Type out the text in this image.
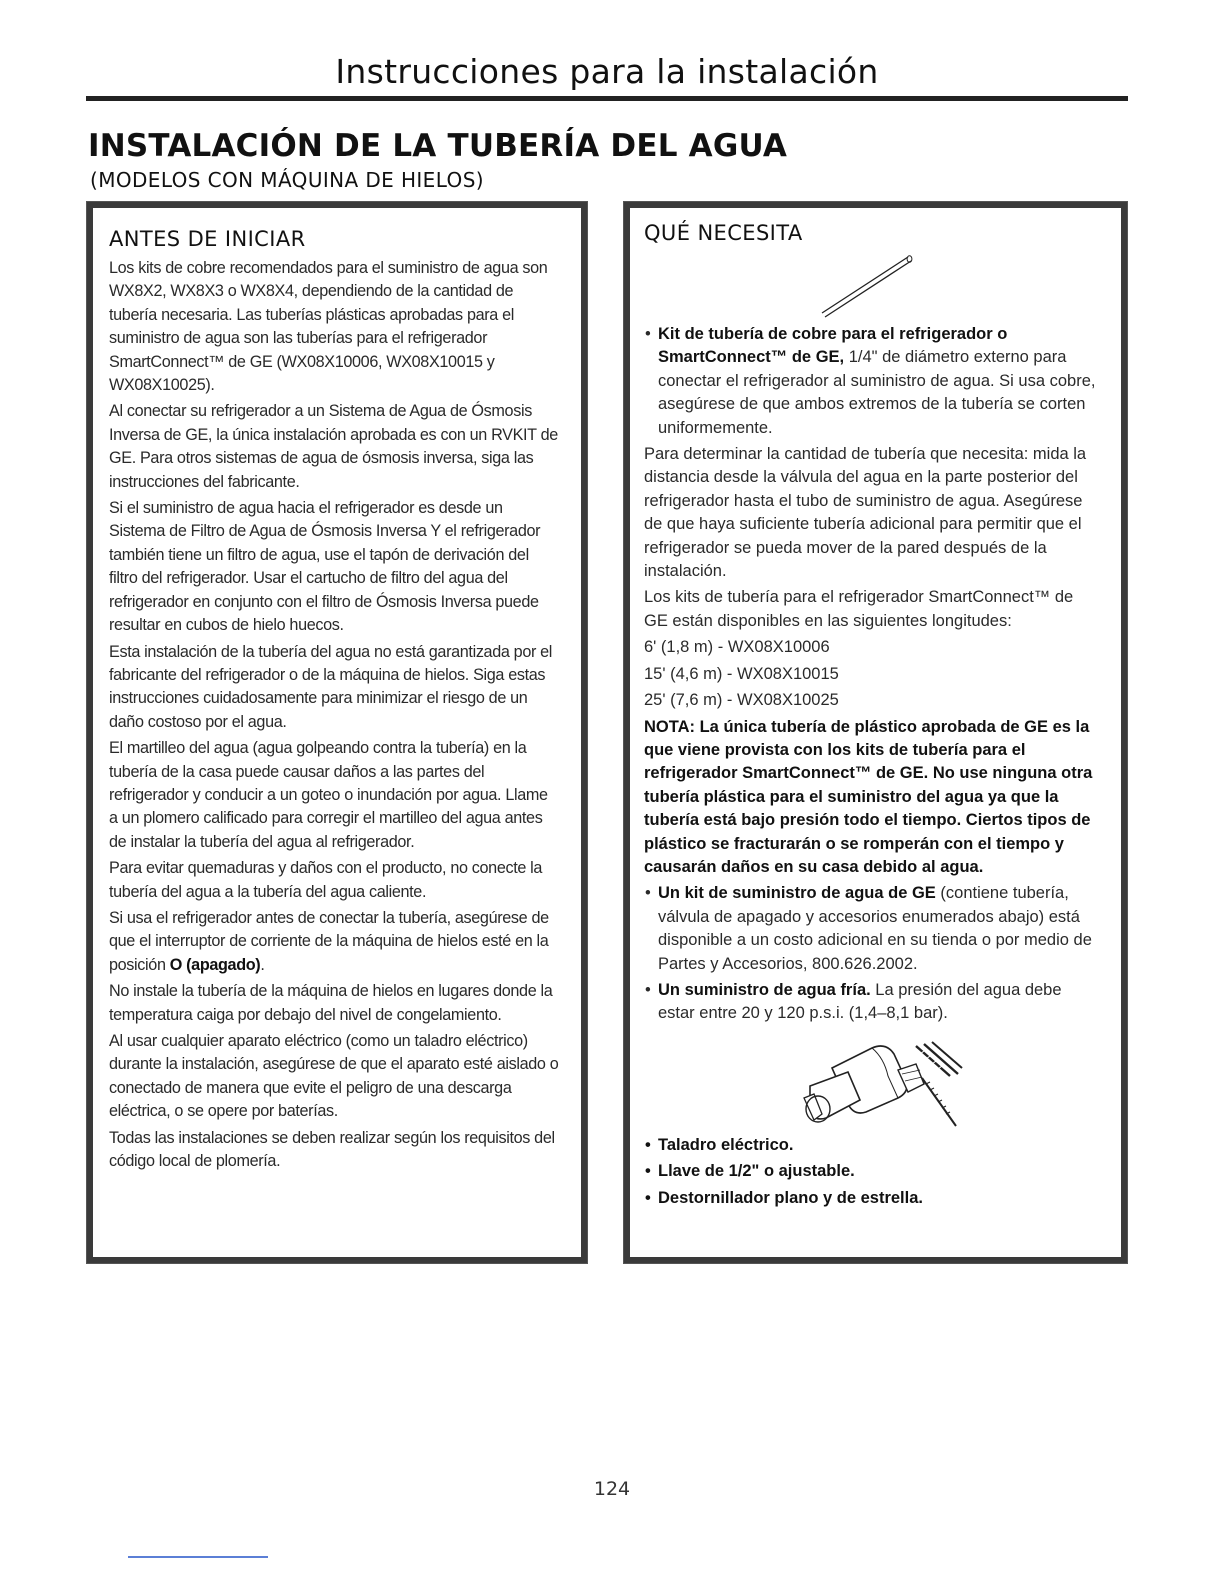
Instrucciones para la instalación
INSTALACIÓN DE LA TUBERÍA DEL AGUA
(MODELOS CON MÁQUINA DE HIELOS)
ANTES DE INICIAR

Los kits de cobre recomendados para el suministro de agua son WX8X2, WX8X3 o WX8X4, dependiendo de la cantidad de tubería necesaria. Las tuberías plásticas aprobadas para el suministro de agua son las tuberías para el refrigerador SmartConnect™ de GE (WX08X10006, WX08X10015 y WX08X10025).

Al conectar su refrigerador a un Sistema de Agua de Ósmosis Inversa de GE, la única instalación aprobada es con un RVKIT de GE. Para otros sistemas de agua de ósmosis inversa, siga las instrucciones del fabricante.

Si el suministro de agua hacia el refrigerador es desde un Sistema de Filtro de Agua de Ósmosis Inversa Y el refrigerador también tiene un filtro de agua, use el tapón de derivación del filtro del refrigerador. Usar el cartucho de filtro del agua del refrigerador en conjunto con el filtro de Ósmosis Inversa puede resultar en cubos de hielo huecos.

Esta instalación de la tubería del agua no está garantizada por el fabricante del refrigerador o de la máquina de hielos. Siga estas instrucciones cuidadosamente para minimizar el riesgo de un daño costoso por el agua.

El martilleo del agua (agua golpeando contra la tubería) en la tubería de la casa puede causar daños a las partes del refrigerador y conducir a un goteo o inundación por agua. Llame a un plomero calificado para corregir el martilleo del agua antes de instalar la tubería del agua al refrigerador.

Para evitar quemaduras y daños con el producto, no conecte la tubería del agua a la tubería del agua caliente.

Si usa el refrigerador antes de conectar la tubería, asegúrese de que el interruptor de corriente de la máquina de hielos esté en la posición O (apagado).

No instale la tubería de la máquina de hielos en lugares donde la temperatura caiga por debajo del nivel de congelamiento.

Al usar cualquier aparato eléctrico (como un taladro eléctrico) durante la instalación, asegúrese de que el aparato esté aislado o conectado de manera que evite el peligro de una descarga eléctrica, o se opere por baterías.

Todas las instalaciones se deben realizar según los requisitos del código local de plomería.

QUÉ NECESITA

• Kit de tubería de cobre para el refrigerador o SmartConnect™ de GE, 1/4" de diámetro externo para conectar el refrigerador al suministro de agua. Si usa cobre, asegúrese de que ambos extremos de la tubería se corten uniformemente.

Para determinar la cantidad de tubería que necesita: mida la distancia desde la válvula del agua en la parte posterior del refrigerador hasta el tubo de suministro de agua. Asegúrese de que haya suficiente tubería adicional para permitir que el refrigerador se pueda mover de la pared después de la instalación.

Los kits de tubería para el refrigerador SmartConnect™ de GE están disponibles en las siguientes longitudes:

6' (1,8 m) - WX08X10006

15' (4,6 m) - WX08X10015

25' (7,6 m) - WX08X10025

NOTA: La única tubería de plástico aprobada de GE es la que viene provista con los kits de tubería para el refrigerador SmartConnect™ de GE. No use ninguna otra tubería plástica para el suministro del agua ya que la tubería está bajo presión todo el tiempo. Ciertos tipos de plástico se fracturarán o se romperán con el tiempo y causarán daños en su casa debido al agua.

• Un kit de suministro de agua de GE (contiene tubería, válvula de apagado y accesorios enumerados abajo) está disponible a un costo adicional en su tienda o por medio de Partes y Accesorios, 800.626.2002.

• Un suministro de agua fría. La presión del agua debe estar entre 20 y 120 p.s.i. (1,4–8,1 bar).

• Taladro eléctrico.

• Llave de 1/2" o ajustable.

• Destornillador plano y de estrella.

124
